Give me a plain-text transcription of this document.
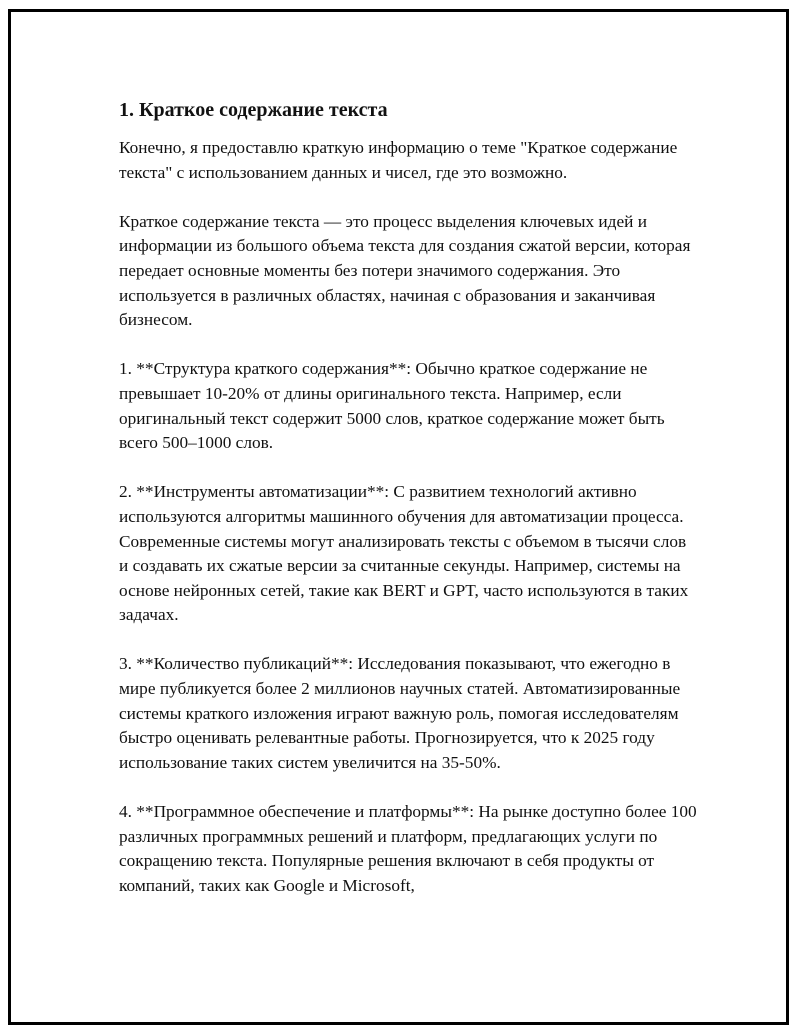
1. Краткое содержание текста

Конечно, я предоставлю краткую информацию о теме "Краткое содержание текста" с использованием данных и чисел, где это возможно.

Краткое содержание текста — это процесс выделения ключевых идей и информации из большого объема текста для создания сжатой версии, которая передает основные моменты без потери значимого содержания. Это используется в различных областях, начиная с образования и заканчивая бизнесом.

1. **Структура краткого содержания**: Обычно краткое содержание не превышает 10-20% от длины оригинального текста. Например, если оригинальный текст содержит 5000 слов, краткое содержание может быть всего 500–1000 слов.

2. **Инструменты автоматизации**: С развитием технологий активно используются алгоритмы машинного обучения для автоматизации процесса. Современные системы могут анализировать тексты с объемом в тысячи слов и создавать их сжатые версии за считанные секунды. Например, системы на основе нейронных сетей, такие как BERT и GPT, часто используются в таких задачах.

3. **Количество публикаций**: Исследования показывают, что ежегодно в мире публикуется более 2 миллионов научных статей. Автоматизированные системы краткого изложения играют важную роль, помогая исследователям быстро оценивать релевантные работы. Прогнозируется, что к 2025 году использование таких систем увеличится на 35-50%.

4. **Программное обеспечение и платформы**: На рынке доступно более 100 различных программных решений и платформ, предлагающих услуги по сокращению текста. Популярные решения включают в себя продукты от компаний, таких как Google и Microsoft,
